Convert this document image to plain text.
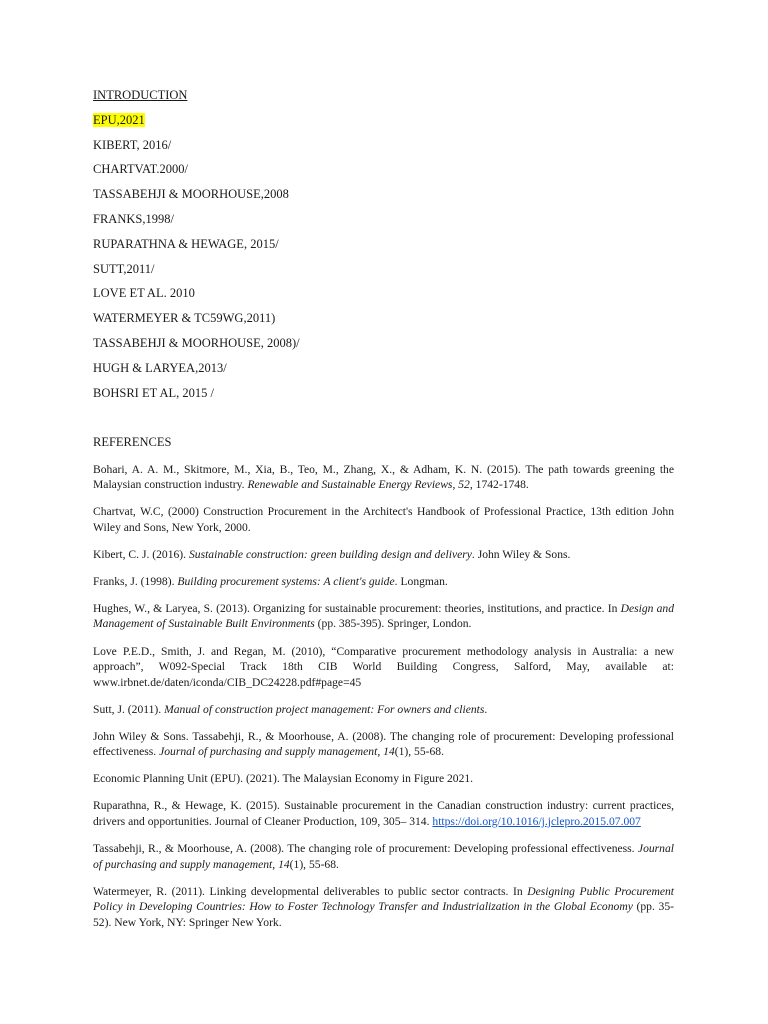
INTRODUCTION
EPU,2021
KIBERT, 2016/
CHARTVAT.2000/
TASSABEHJI & MOORHOUSE,2008
FRANKS,1998/
RUPARATHNA & HEWAGE, 2015/
SUTT,2011/
LOVE ET AL. 2010
WATERMEYER & TC59WG,2011)
TASSABEHJI & MOORHOUSE, 2008)/
HUGH & LARYEA,2013/
BOHSRI ET AL, 2015 /
REFERENCES

Bohari, A. A. M., Skitmore, M., Xia, B., Teo, M., Zhang, X., & Adham, K. N. (2015). The path towards greening the Malaysian construction industry. Renewable and Sustainable Energy Reviews, 52, 1742-1748.

Chartvat, W.C, (2000) Construction Procurement in the Architect's Handbook of Professional Practice, 13th edition John Wiley and Sons, New York, 2000.

Kibert, C. J. (2016). Sustainable construction: green building design and delivery. John Wiley & Sons.

Franks, J. (1998). Building procurement systems: A client's guide. Longman.

Hughes, W., & Laryea, S. (2013). Organizing for sustainable procurement: theories, institutions, and practice. In Design and Management of Sustainable Built Environments (pp. 385-395). Springer, London.

Love P.E.D., Smith, J. and Regan, M. (2010), “Comparative procurement methodology analysis in Australia: a new approach”, W092-Special Track 18th CIB World Building Congress, Salford, May, available at: www.irbnet.de/daten/iconda/CIB_DC24228.pdf#page=45

Sutt, J. (2011). Manual of construction project management: For owners and clients.

John Wiley & Sons. Tassabehji, R., & Moorhouse, A. (2008). The changing role of procurement: Developing professional effectiveness. Journal of purchasing and supply management, 14(1), 55-68.

Economic Planning Unit (EPU). (2021). The Malaysian Economy in Figure 2021.

Ruparathna, R., & Hewage, K. (2015). Sustainable procurement in the Canadian construction industry: current practices, drivers and opportunities. Journal of Cleaner Production, 109, 305– 314. https://doi.org/10.1016/j.jclepro.2015.07.007

Tassabehji, R., & Moorhouse, A. (2008). The changing role of procurement: Developing professional effectiveness. Journal of purchasing and supply management, 14(1), 55-68.

Watermeyer, R. (2011). Linking developmental deliverables to public sector contracts. In Designing Public Procurement Policy in Developing Countries: How to Foster Technology Transfer and Industrialization in the Global Economy (pp. 35-52). New York, NY: Springer New York.
